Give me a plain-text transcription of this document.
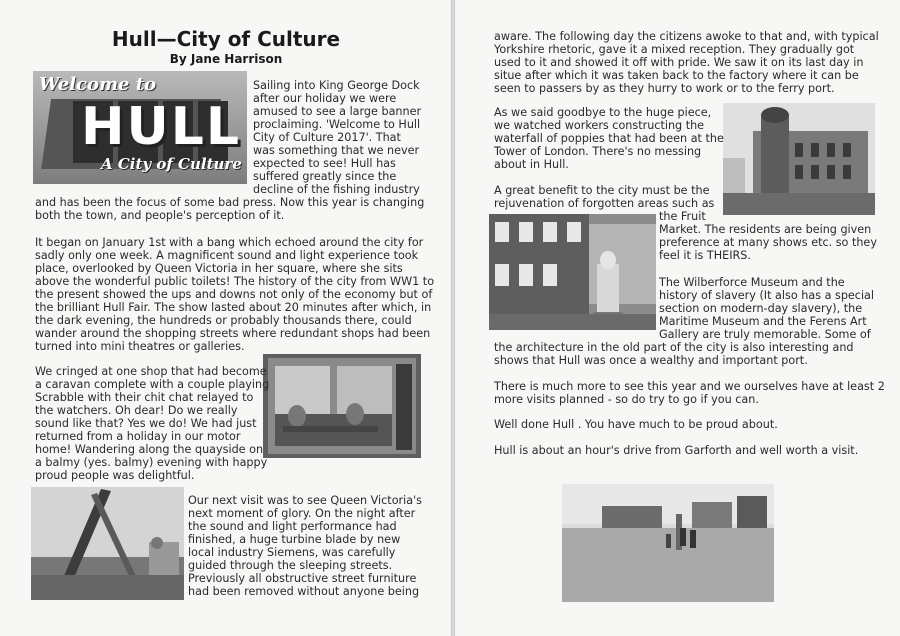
Hull—City of Culture
By Jane Harrison
Welcome to
HULL
A City of Culture
Sailing into King George Dock
after our holiday we were
amused to see a large banner
proclaiming. 'Welcome to Hull
City of Culture 2017'. That
was something that we never
expected to see! Hull has
suffered greatly since the
decline of the fishing industry
and has been the focus of some bad press. Now this year is changing
both the town, and people's perception of it.
It began on January 1st with a bang which echoed around the city for
sadly only one week. A magnificent sound and light experience took
place, overlooked by Queen Victoria in her square, where she sits
above the wonderful public toilets! The history of the city from WW1 to
the present showed the ups and downs not only of the economy but of
the brilliant Hull Fair. The show lasted about 20 minutes after which, in
the dark evening, the hundreds or probably thousands there, could
wander around the shopping streets where redundant shops had been
turned into mini theatres or galleries.
We cringed at one shop that had become
a caravan complete with a couple playing
Scrabble with their chit chat relayed to
the watchers. Oh dear! Do we really
sound like that? Yes we do! We had just
returned from a holiday in our motor
home! Wandering along the quayside on
a balmy (yes. balmy) evening with happy
proud people was delightful.
Our next visit was to see Queen Victoria's
next moment of glory. On the night after
the sound and light performance had
finished, a huge turbine blade by new
local industry Siemens, was carefully
guided through the sleeping streets.
Previously all obstructive street furniture
had been removed without anyone being
aware. The following day the citizens awoke to that and, with typical
Yorkshire rhetoric, gave it a mixed reception. They gradually got
used to it and showed it off with pride. We saw it on its last day in
situe after which it was taken back to the factory where it can be
seen to passers by as they hurry to work or to the ferry port.
As we said goodbye to the huge piece,
we watched workers constructing the
waterfall of poppies that had been at the
Tower of London. There's no messing
about in Hull.
A great benefit to the city must be the
rejuvenation of forgotten areas such as
the Fruit
Market. The residents are being given
preference at many shows etc. so they
feel it is THEIRS.
The Wilberforce Museum and the
history of slavery (It also has a special
section on modern-day slavery), the
Maritime Museum and the Ferens Art
Gallery are truly memorable. Some of
the architecture in the old part of the city is also interesting and
shows that Hull was once a wealthy and important port.
There is much more to see this year and we ourselves have at least 2
more visits planned - so do try to go if you can.
Well done Hull . You have much to be proud about.
Hull is about an hour's drive from Garforth and well worth a visit.
